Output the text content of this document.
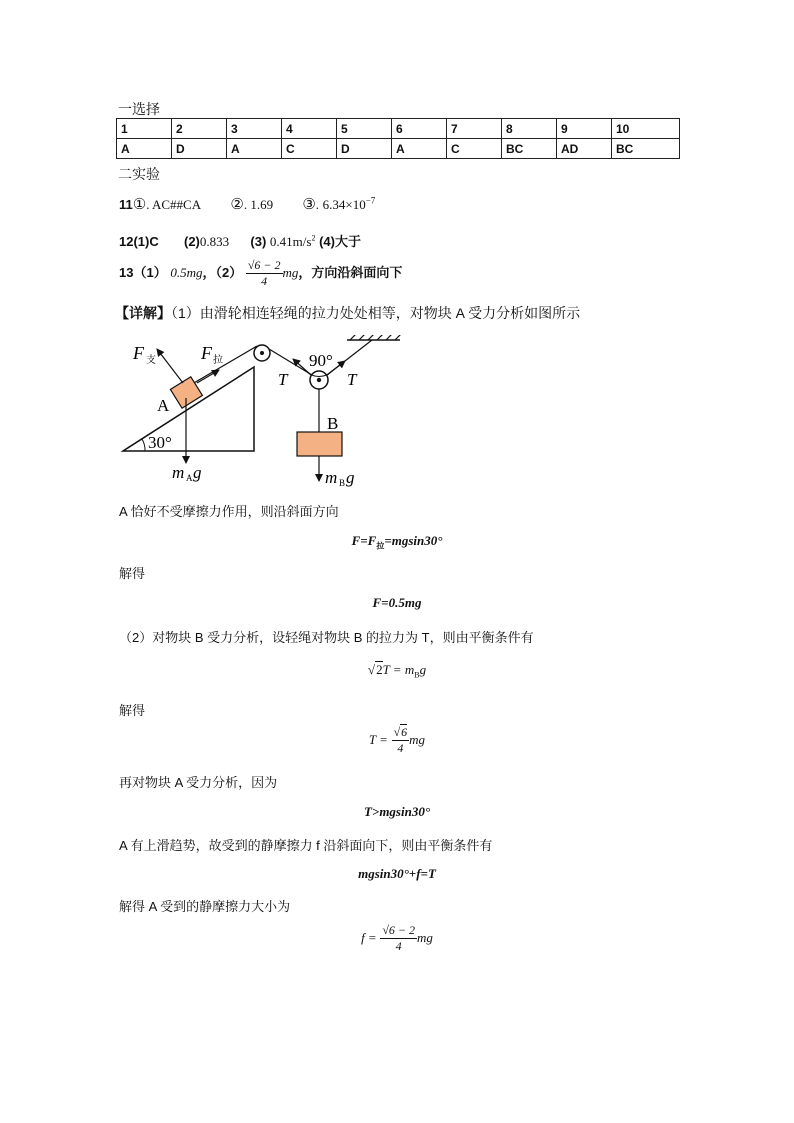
一选择
1	2	3	4	5	6	7	8	9	10
A	D	A	C	D	A	C	BC	AD	BC
二实验
11①. AC##CA ②. 1.69 ③. $6.34\times 10^{-7}$
12(1)C (2)0.833 (3) $0.41m/s^2$ (4)大于
13（1） 0.5mg，$(2) \frac{√6 - 2}{4}$ mg，方向沿斜面向下
【详解】（1）由滑轮相连轻绳的拉力处处相等，对物块 A 受力分析如图所示
F 支	F 拉
A
30°
m A g
90°
T	T
B
m B g
A 恰好不受摩擦力作用，则沿斜面方向
$F=F_拉=mgsin30^\circ$
解得
F=0.5mg
（2）对物块 B 受力分析，设轻绳对物块 B 的拉力为 T，则由平衡条件有
$√2T = m_Bg$
解得
$T = \frac{√6}{4}$ mg
再对物块 A 受力分析，因为
T>mgsin30°
A 有上滑趋势，故受到的静摩擦力 f 沿斜面向下，则由平衡条件有
mgsin30°+f=T
解得 A 受到的静摩擦力大小为
$f = \frac{√6 - 2}{4}$ mg
